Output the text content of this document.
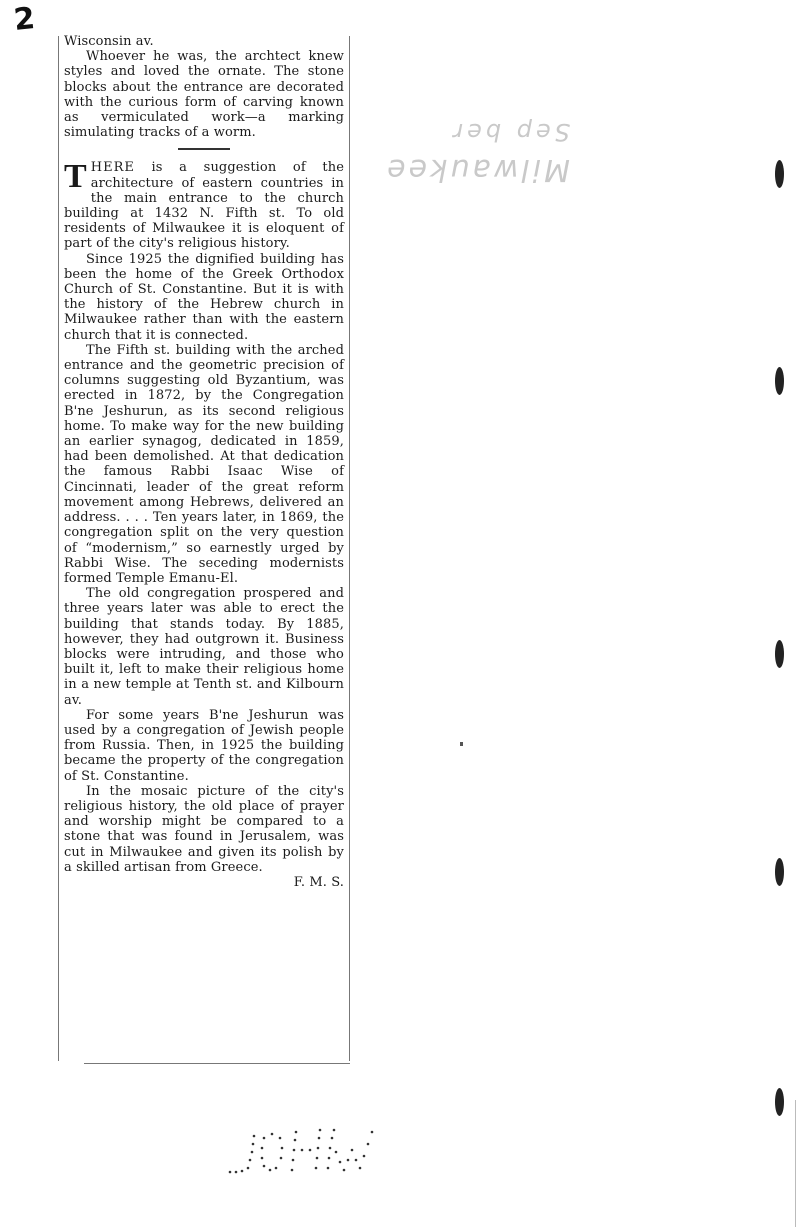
2
Milwaukee
Sep ber

Wisconsin av.

Whoever he was, the archtect knew styles and loved the ornate. The stone blocks about the entrance are decorated with the curious form of carving known as vermiculated work—a marking simulating tracks of a worm.

THERE is a suggestion of the architecture of eastern countries in the main entrance to the church building at 1432 N. Fifth st. To old residents of Milwaukee it is eloquent of part of the city's religious history.

Since 1925 the dignified building has been the home of the Greek Orthodox Church of St. Constantine. But it is with the history of the Hebrew church in Milwaukee rather than with the eastern church that it is connected.

The Fifth st. building with the arched entrance and the geometric precision of columns suggesting old Byzantium, was erected in 1872, by the Congregation B'ne Jeshurun, as its second religious home. To make way for the new building an earlier synagog, dedicated in 1859, had been demolished. At that dedication the famous Rabbi Isaac Wise of Cincinnati, leader of the great reform movement among Hebrews, delivered an address. . . . Ten years later, in 1869, the congregation split on the very question of “modernism,” so earnestly urged by Rabbi Wise. The seceding modernists formed Temple Emanu-El.

The old congregation prospered and three years later was able to erect the building that stands today. By 1885, however, they had outgrown it. Business blocks were intruding, and those who built it, left to make their religious home in a new temple at Tenth st. and Kilbourn av.

For some years B'ne Jeshurun was used by a congregation of Jewish people from Russia. Then, in 1925 the building became the property of the congregation of St. Constantine.

In the mosaic picture of the city's religious history, the old place of prayer and worship might be compared to a stone that was found in Jerusalem, was cut in Milwaukee and given its polish by a skilled artisan from Greece.

F. M. S.
